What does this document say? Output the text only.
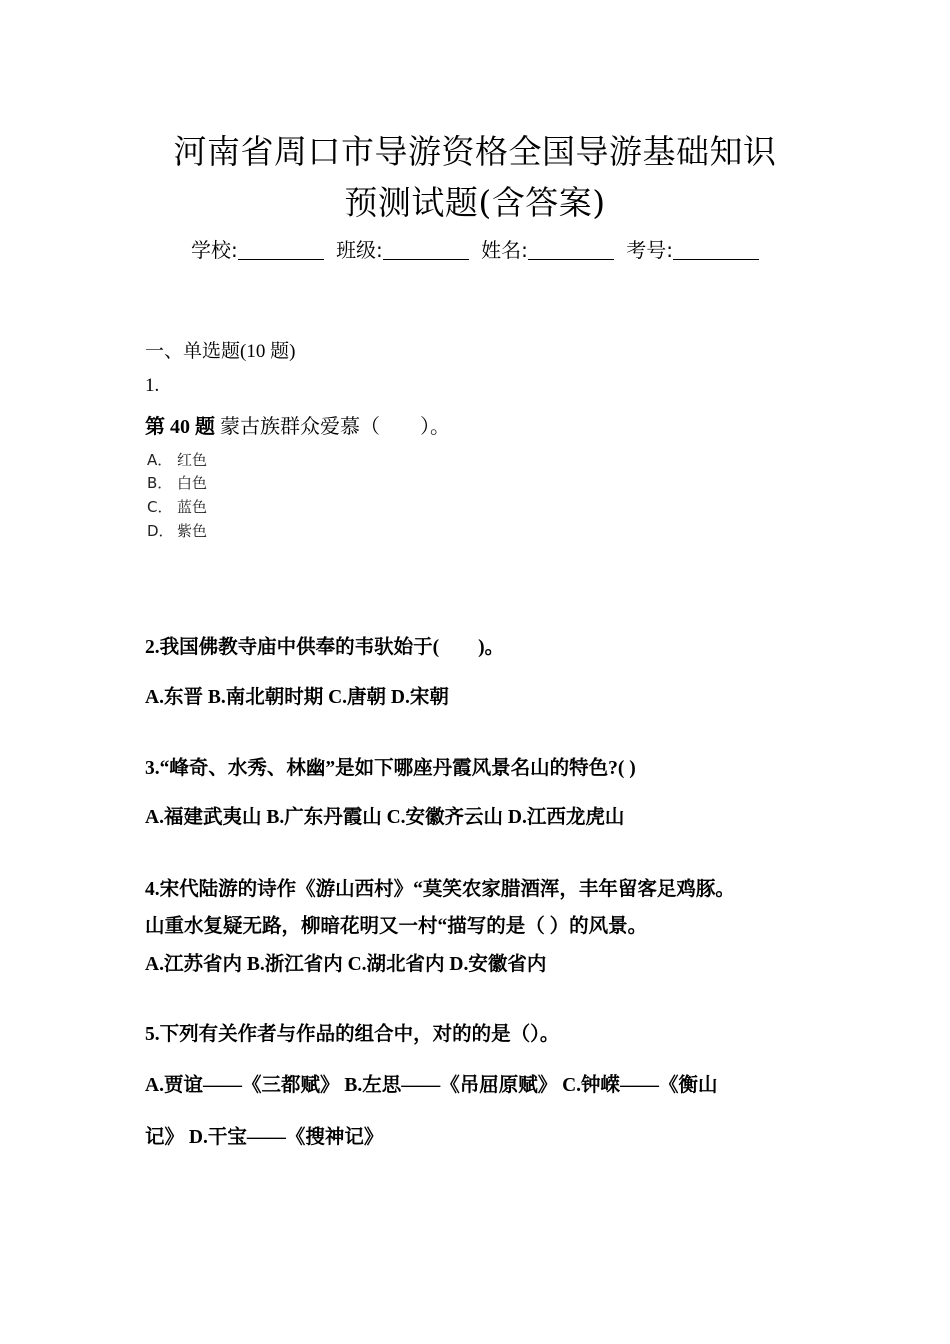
河南省周口市导游资格全国导游基础知识
预测试题(含答案)
学校:	班级:	姓名:	考号:
一、单选题(10 题)
1.
第 40 题 蒙古族群众爱慕（　　）。
A． 红色
B． 白色
C． 蓝色
D． 紫色
2.我国佛教寺庙中供奉的韦驮始于(　　)。
A.东晋 B.南北朝时期 C.唐朝 D.宋朝
3.“峰奇、水秀、林幽”是如下哪座丹霞风景名山的特色?( )
A.福建武夷山 B.广东丹霞山 C.安徽齐云山 D.江西龙虎山
4.宋代陆游的诗作《游山西村》“莫笑农家腊酒浑，丰年留客足鸡豚。
山重水复疑无路，柳暗花明又一村“描写的是（ ）的风景。
A.江苏省内 B.浙江省内 C.湖北省内 D.安徽省内
5.下列有关作者与作品的组合中，对的的是（）。
A.贾谊——《三都赋》 B.左思——《吊屈原赋》 C.钟嵘——《衡山
记》 D.干宝——《搜神记》
